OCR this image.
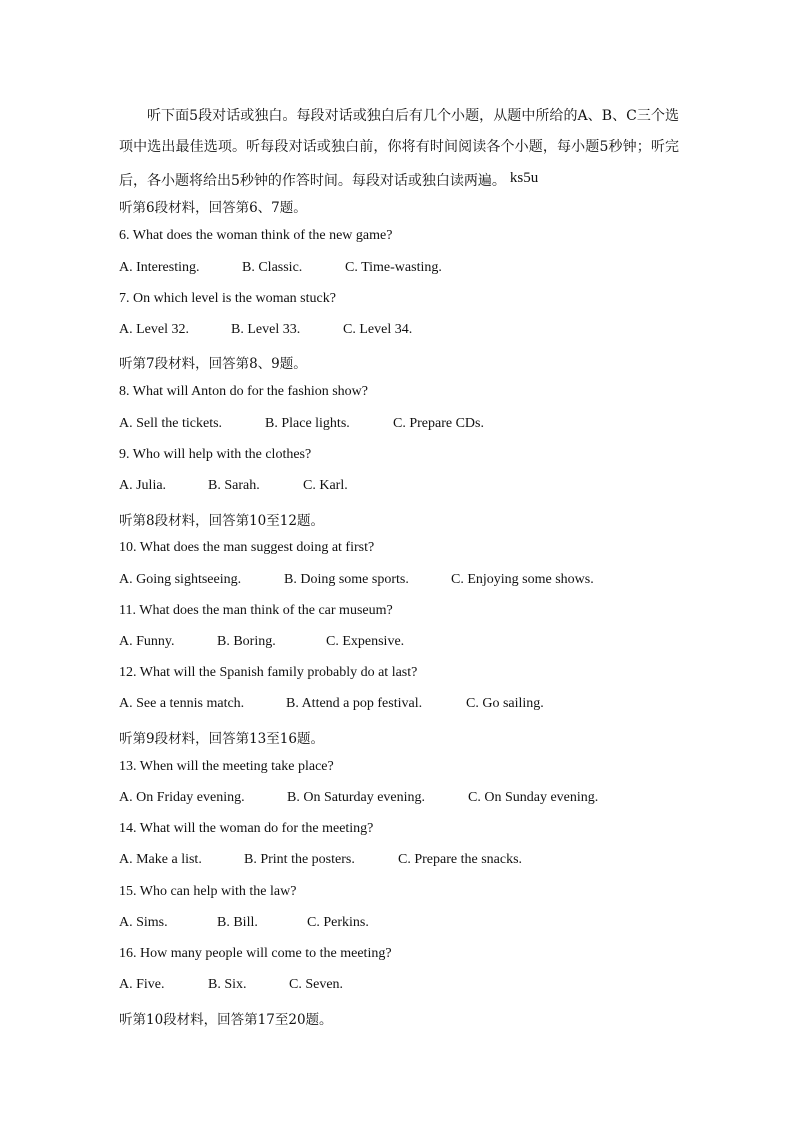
听下面5段对话或独白。每段对话或独白后有几个小题，从题中所给的A、B、C三个选项中选出最佳选项。听每段对话或独白前，你将有时间阅读各个小题，每小题5秒钟；听完后，各小题将给出5秒钟的作答时间。每段对话或独白读两遍。 ks5u

听第6段材料，回答第6、7题。
6. What does the woman think of the new game?
A. Interesting.	B. Classic.	C. Time-wasting.
7. On which level is the woman stuck?
A. Level 32.	B. Level 33.	C. Level 34.
听第7段材料，回答第8、9题。
8. What will Anton do for the fashion show?
A. Sell the tickets.	B. Place lights.	C. Prepare CDs.
9. Who will help with the clothes?
A. Julia.	B. Sarah.	C. Karl.
听第8段材料，回答第10至12题。
10. What does the man suggest doing at first?
A. Going sightseeing.	B. Doing some sports.	C. Enjoying some shows.
11. What does the man think of the car museum?
A. Funny.	B. Boring.	C. Expensive.
12. What will the Spanish family probably do at last?
A. See a tennis match.	B. Attend a pop festival.	C. Go sailing.
听第9段材料，回答第13至16题。
13. When will the meeting take place?
A. On Friday evening.	B. On Saturday evening.	C. On Sunday evening.
14. What will the woman do for the meeting?
A. Make a list.	B. Print the posters.	C. Prepare the snacks.
15. Who can help with the law?
A. Sims.	B. Bill.	C. Perkins.
16. How many people will come to the meeting?
A. Five.	B. Six.	C. Seven.
听第10段材料，回答第17至20题。
